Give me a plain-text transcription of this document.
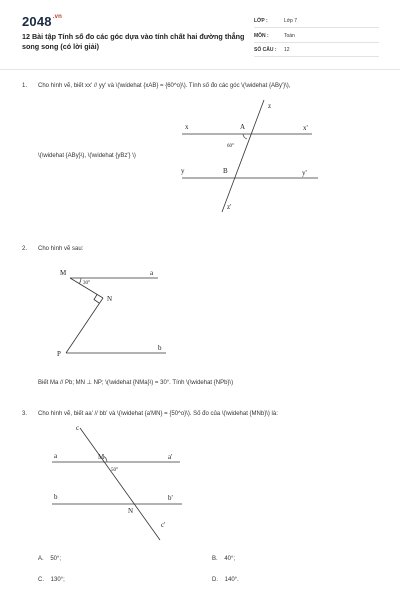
$2048^{.vn}$
12 Bài tập Tính số đo các góc dựa vào tính chất hai đường thẳng song song (có lời giải)
LỚP :	Lớp 7
MÔN :	Toán
SỐ CÂU : 12
1. Cho hình vẽ, biết xx' // yy' và \(\widehat {xAB} = {60^o}\). Tính số đo các góc \(\widehat {ABy'}\),
\(\widehat {ABy}\), \(\widehat {yBz'} \)
z
x	A	x'
60°
y	B	y'
z'
2. Cho hình vẽ sau:
M	a
30°
N
P
b
Biết Ma // Pb; MN ⊥ NP; \(\widehat {NMa}\) = 30°. Tính \(\widehat {NPb}\)
3. Cho hình vẽ, biết aa' // bb' và \(\widehat {a'MN} = {50^o}\). Số đo của \(\widehat {MNb}\) là:
c
a	M	a'
50°
b	b'
N
c'
A. 50°;	B. 40°;
C. 130°;	D. 140°.
